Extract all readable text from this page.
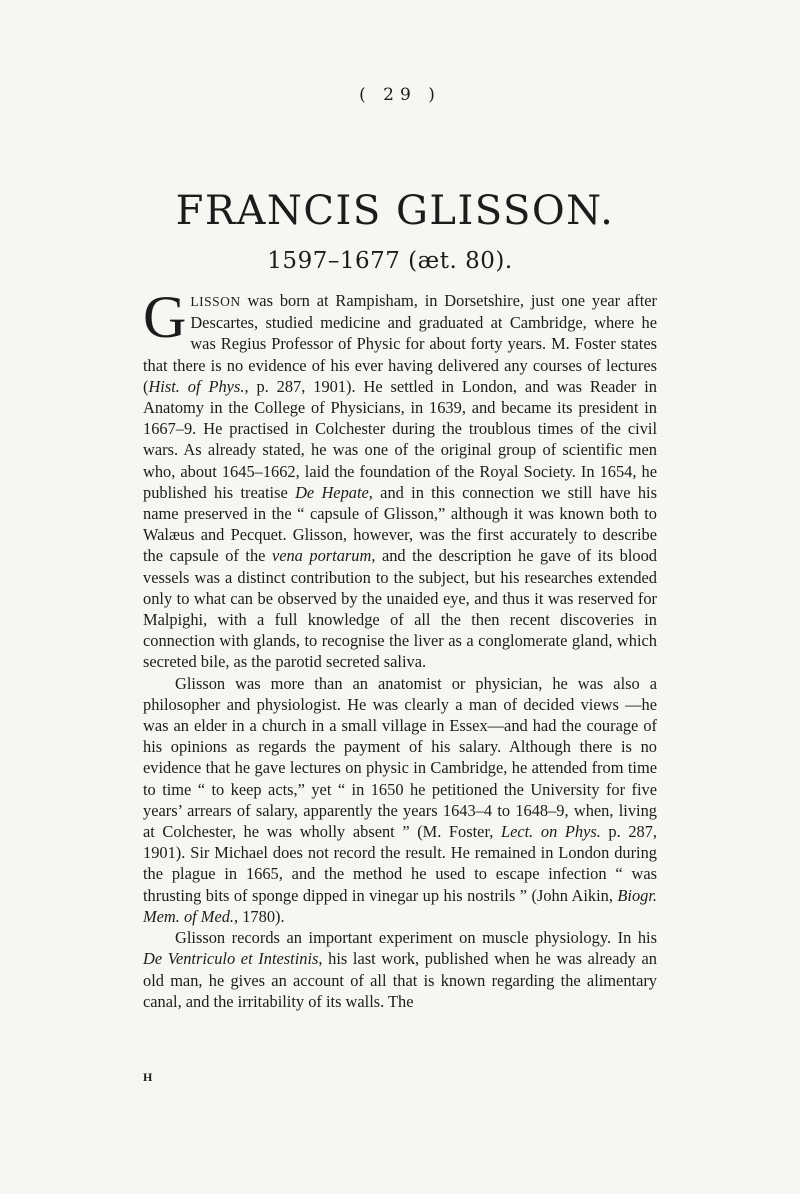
( 29 )
FRANCIS GLISSON.
1597–1677 (æt. 80).

GLISSON was born at Rampisham, in Dorsetshire, just one year after Descartes, studied medicine and graduated at Cambridge, where he was Regius Professor of Physic for about forty years. M. Foster states that there is no evidence of his ever having delivered any courses of lectures (Hist. of Phys., p. 287, 1901). He settled in London, and was Reader in Anatomy in the College of Physicians, in 1639, and became its president in 1667–9. He practised in Colchester during the troublous times of the civil wars. As already stated, he was one of the original group of scientific men who, about 1645–1662, laid the foundation of the Royal Society. In 1654, he published his treatise De Hepate, and in this connection we still have his name preserved in the “ capsule of Glisson,” although it was known both to Walæus and Pecquet. Glisson, however, was the first accurately to describe the capsule of the vena portarum, and the description he gave of its blood vessels was a distinct contribution to the subject, but his researches extended only to what can be observed by the unaided eye, and thus it was reserved for Malpighi, with a full knowledge of all the then recent discoveries in connection with glands, to recognise the liver as a conglomerate gland, which secreted bile, as the parotid secreted saliva.

Glisson was more than an anatomist or physician, he was also a philosopher and physiologist. He was clearly a man of decided views —he was an elder in a church in a small village in Essex—and had the courage of his opinions as regards the payment of his salary. Although there is no evidence that he gave lectures on physic in Cambridge, he attended from time to time “ to keep acts,” yet “ in 1650 he petitioned the University for five years’ arrears of salary, apparently the years 1643–4 to 1648–9, when, living at Colchester, he was wholly absent ” (M. Foster, Lect. on Phys. p. 287, 1901). Sir Michael does not record the result. He remained in London during the plague in 1665, and the method he used to escape infection “ was thrusting bits of sponge dipped in vinegar up his nostrils ” (John Aikin, Biogr. Mem. of Med., 1780).

Glisson records an important experiment on muscle physiology. In his De Ventriculo et Intestinis, his last work, published when he was already an old man, he gives an account of all that is known regarding the alimentary canal, and the irritability of its walls. The

H
